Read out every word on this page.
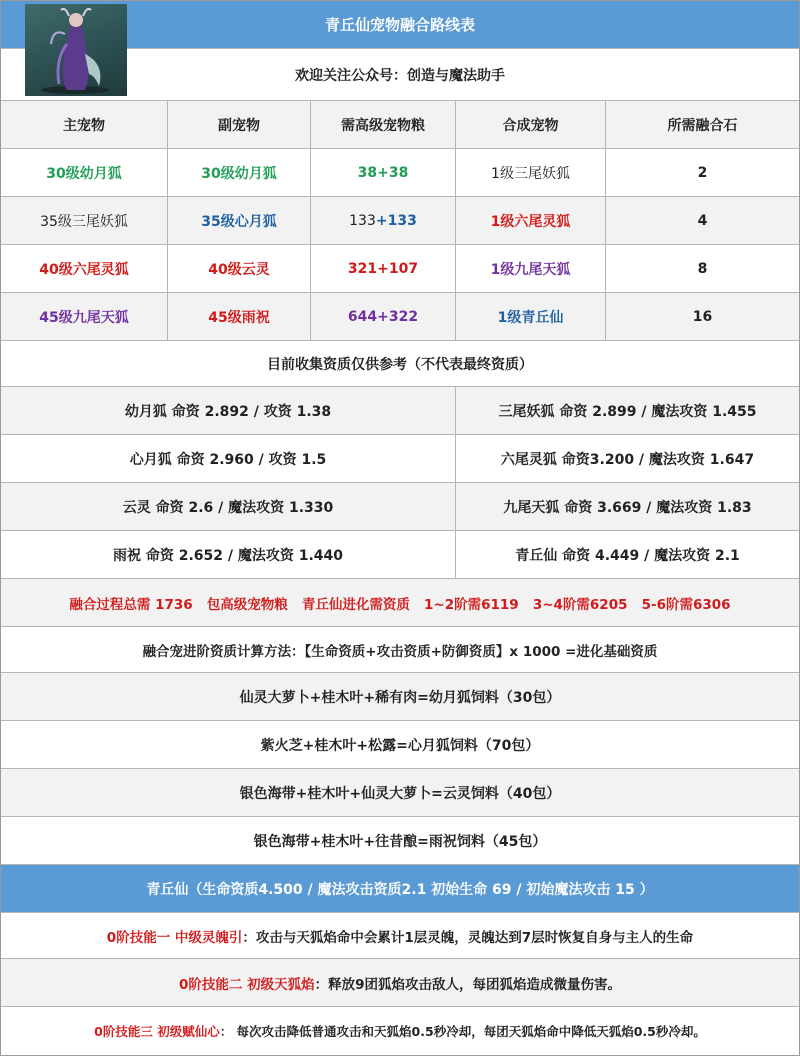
青丘仙宠物融合路线表
欢迎关注公众号：创造与魔法助手
主宠物	副宠物	需高级宠物粮	合成宠物	所需融合石
30级幼月狐	30级幼月狐	38+38	1级三尾妖狐	2
35级三尾妖狐	35级心月狐	133 + 133	1级六尾灵狐	4
40级六尾灵狐	40级云灵	321+107	1级九尾天狐	8
45级九尾天狐	45级雨祝	644+322	1级青丘仙	16
目前收集资质仅供参考（不代表最终资质）
幼月狐 命资 2.892 / 攻资 1.38	三尾妖狐 命资 2.899 / 魔法攻资 1.455
心月狐 命资 2.960 / 攻资 1.5	六尾灵狐 命资3.200 / 魔法攻资 1.647
云灵 命资 2.6 / 魔法攻资 1.330	九尾天狐 命资 3.669 / 魔法攻资 1.83
雨祝 命资 2.652 / 魔法攻资 1.440	青丘仙 命资 4.449 / 魔法攻资 2.1
融合过程总需 1736
包高级宠物粮
青丘仙进化需资质
1~2阶需6119
3~4阶需6205
5-6阶需6306
融合宠进阶资质计算方法：【生命资质+攻击资质+防御资质】x 1000 =进化基础资质
仙灵大萝卜+桂木叶+稀有肉=幼月狐饲料（30包）
紫火芝+桂木叶+松露=心月狐饲料（70包）
银色海带+桂木叶+仙灵大萝卜=云灵饲料（40包）
银色海带+桂木叶+往昔酿=雨祝饲料（45包）
青丘仙（生命资质4.500 / 魔法攻击资质2.1 初始生命 69 / 初始魔法攻击 15 ）
0阶技能一 中级灵魄引 ：攻击与天狐焰命中会累计1层灵魄，灵魄达到7层时恢复自身与主人的生命
0阶技能二 初级天狐焰 ：释放9团狐焰攻击敌人，每团狐焰造成微量伤害。
0阶技能三 初级赋仙心 ： 每次攻击降低普通攻击和天狐焰0.5秒冷却，每团天狐焰命中降低天狐焰0.5秒冷却。
